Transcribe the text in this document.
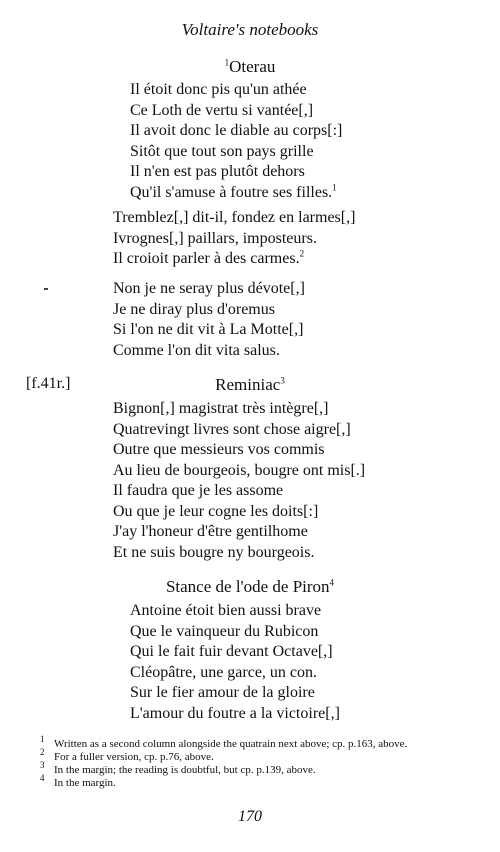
Voltaire's notebooks
$^1$Oterau
Il étoit donc pis qu'un athée
Ce Loth de vertu si vantée[,]
Il avoit donc le diable au corps[:]
Sitôt que tout son pays grille
Il n'en est pas plutôt dehors
Qu'il s'amuse à foutre ses filles.$^1$
Tremblez[,] dit-il, fondez en larmes[,]
Ivrognes[,] paillars, imposteurs.
Il croioit parler à des carmes.$^2$
Non je ne seray plus dévote[,]
Je ne diray plus d'oremus
Si l'on ne dit vit à La Motte[,]
Comme l'on dit vita salus.
[f.41r.]	Reminiac$^3$
Bignon[,] magistrat très intègre[,]
Quatrevingt livres sont chose aigre[,]
Outre que messieurs vos commis
Au lieu de bourgeois, bougre ont mis[.]
Il faudra que je les assome
Ou que je leur cogne les doits[:]
J'ay l'honeur d'être gentilhome
Et ne suis bougre ny bourgeois.
Stance de l'ode de Piron$^4$
Antoine étoit bien aussi brave
Que le vainqueur du Rubicon
Qui le fait fuir devant Octave[,]
Cléopâtre, une garce, un con.
Sur le fier amour de la gloire
L'amour du foutre a la victoire[,]
1 Written as a second column alongside the quatrain next above; cp. p.163, above.
2 For a fuller version, cp. p.76, above.
3 In the margin; the reading is doubtful, but cp. p.139, above.
4 In the margin.
170
